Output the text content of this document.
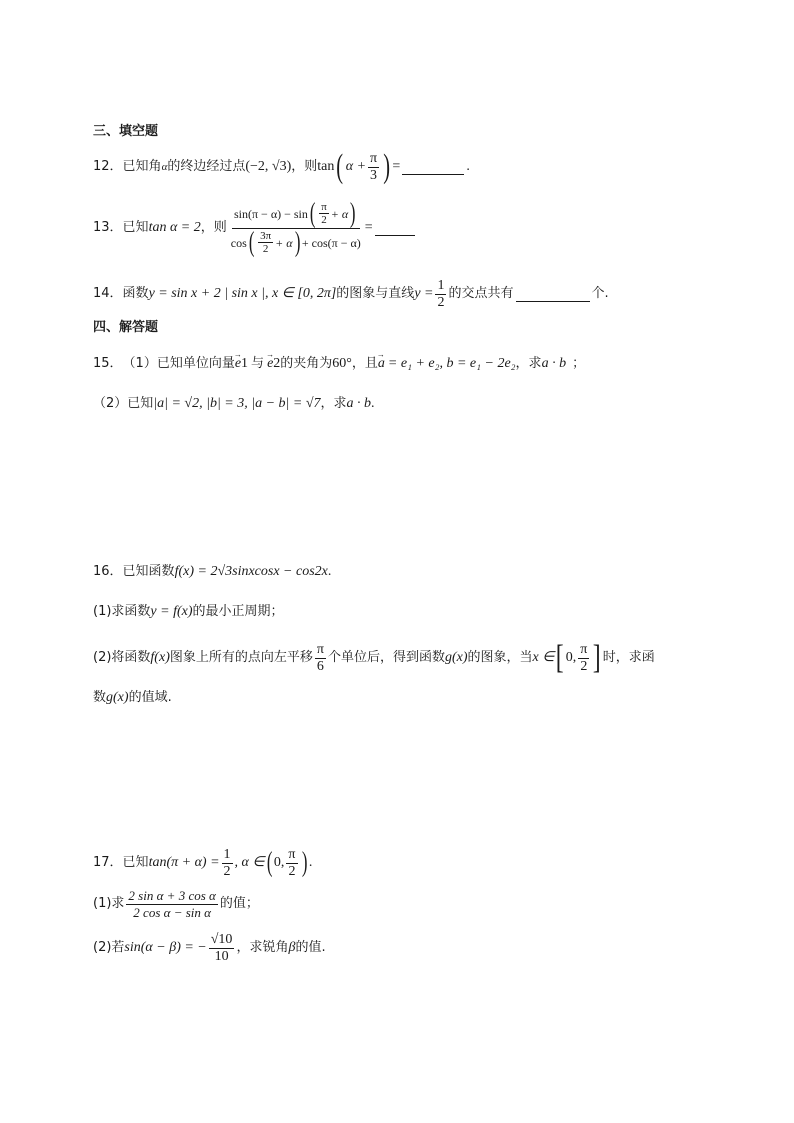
三、填空题
12． 已知角 α 的终边经过点 (−2, √3) ，则 tan ( $\alpha + \frac{\pi}{3}$ ) =	.
13． 已知 tan α = 2 ，则
sin(π − α) − sin ( $\frac{\pi}{2} + \alpha$ )
cos ( $\frac{3\pi}{2} + \alpha$ ) + cos(π − α)
=
14． 函数 y = sin x + 2 | sin x |, x ∈ [0, 2π] 的图象与直线 $y = \frac{1}{2}$ 的交点共有	个.
四、解答题
15． （1）已知单位向量 → e 1 与 → e 2 的夹角为 60° ，且 → a = e₁ + e₂, b = e₁ − 2e₂ ，求 a · b ；
（2）已知 |a| = √2, |b| = 3, |a − b| = √7 ，求 a · b .
16． 已知函数 f(x) = 2√3sinxcosx − cos2x .
(1)求函数 y = f(x) 的最小正周期；
(2)将函数 f(x) 图象上所有的点向左平移 $\frac{\pi}{6}$ 个单位后，得到函数 g(x) 的图象，当 x ∈ [ 0, $\frac{\pi}{2}$ ] 时，求函
数 g(x) 的值域.
17． 已知 $\tan(\pi + \alpha) = \frac{1}{2}$ , α ∈ ( 0, $\frac{\pi}{2}$ ) .
(1)求 $\frac{\text{2 sin α + 3 cos α}}{\text{2 cos α − sin α}}$ 的值；
(2)若 sin(α − β) = − $\frac{√10}{10}$ ，求锐角 β 的值.
